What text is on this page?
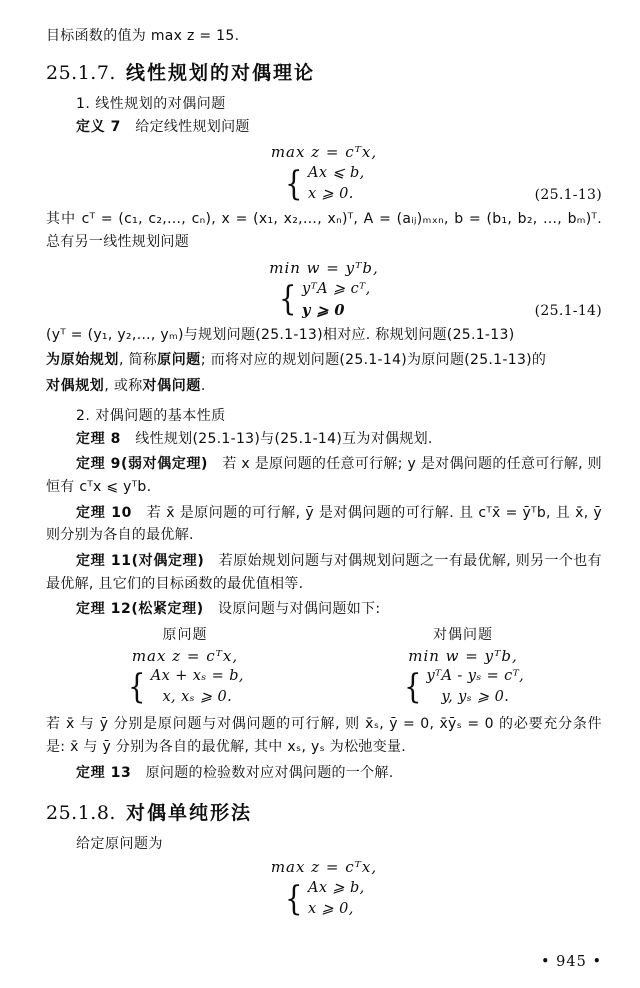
目标函数的值为 max z = 15.
25.1.7. 线性规划的对偶理论
1. 线性规划的对偶问题
定义 7 给定线性规划问题
max z = cᵀx,
{ Ax ⩽ b,
x ⩾ 0.	(25.1-13)
其中 cᵀ = (c₁, c₂,…, cₙ), x = (x₁, x₂,…, xₙ)ᵀ, A = (aᵢⱼ)ₘₓₙ, b = (b₁, b₂, …, bₘ)ᵀ. 总有另一线性规划问题
min w = yᵀb,
{ yᵀA ⩾ cᵀ,
y ⩾ 0	(25.1-14)
(yᵀ = (y₁, y₂,…, yₘ)与规划问题(25.1-13)相对应. 称规划问题(25.1-13)
为原始规划, 简称原问题; 而将对应的规划问题(25.1-14)为原问题(25.1-13)的
对偶规划, 或称对偶问题.
2. 对偶问题的基本性质
定理 8 线性规划(25.1-13)与(25.1-14)互为对偶规划.
定理 9(弱对偶定理) 若 x 是原问题的任意可行解; y 是对偶问题的任意可行解, 则恒有 cᵀx ⩽ yᵀb.
定理 10 若 x̄ 是原问题的可行解, ȳ 是对偶问题的可行解. 且 cᵀx̄ = ȳᵀb, 且 x̄, ȳ 则分别为各自的最优解.
定理 11(对偶定理) 若原始规划问题与对偶规划问题之一有最优解, 则另一个也有最优解, 且它们的目标函数的最优值相等.
定理 12(松紧定理) 设原问题与对偶问题如下:
原问题
max z = cᵀx,
{ Ax + xₛ = b,
x, xₛ ⩾ 0.
对偶问题
min w = yᵀb,
{ yᵀA - yₛ = cᵀ,
y, yₛ ⩾ 0.
若 x̄ 与 ȳ 分别是原问题与对偶问题的可行解, 则 x̄ₛ, ȳ = 0, x̄ȳₛ = 0 的必要充分条件是: x̄ 与 ȳ 分别为各自的最优解, 其中 xₛ, yₛ 为松弛变量.
定理 13 原问题的检验数对应对偶问题的一个解.
25.1.8. 对偶单纯形法
给定原问题为
max z = cᵀx,
{ Ax ⩾ b,
x ⩾ 0,
• 945 •
